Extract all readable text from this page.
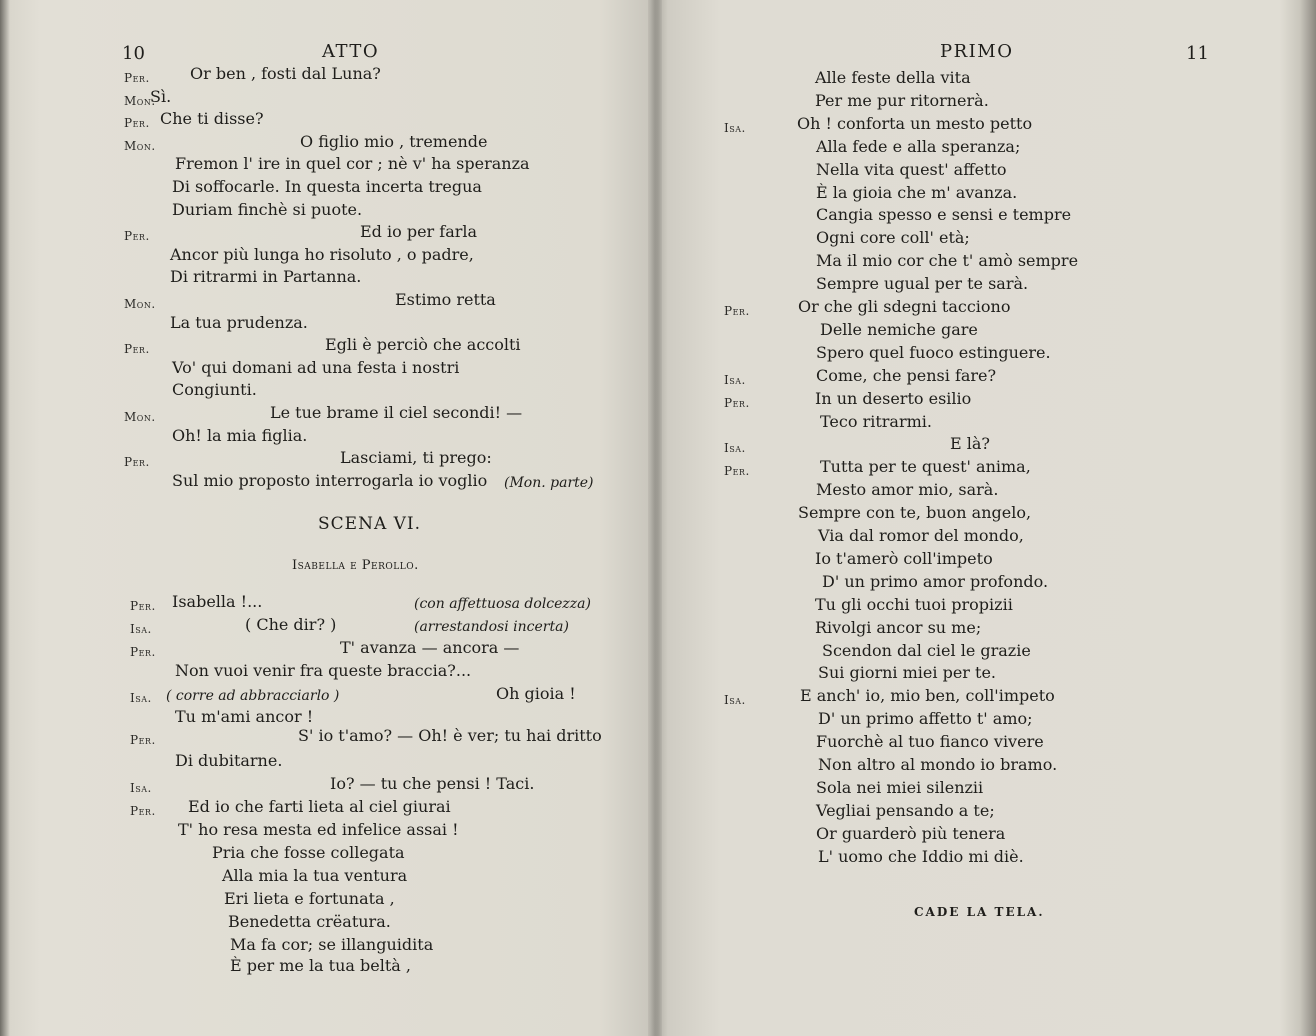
10	ATTO
Per.	Or ben , fosti dal Luna?
Mon.
Sì.
Per. Che ti disse?
Mon.	O figlio mio , tremende
Fremon l' ire in quel cor ; nè v' ha speranza
Di soffocarle. In questa incerta tregua
Duriam finchè si puote.
Per.	Ed io per farla
Ancor più lunga ho risoluto , o padre,
Di ritrarmi in Partanna.
Mon.	Estimo retta
La tua prudenza.
Per.	Egli è perciò che accolti
Vo' qui domani ad una festa i nostri
Congiunti.
Mon.	Le tue brame il ciel secondi! —
Oh! la mia figlia.
Per.	Lasciami, ti prego:
Sul mio proposto interrogarla io voglio (Mon. parte)
SCENA VI.
Isabella e Perollo.
Per. Isabella !...	(con affettuosa dolcezza)
Isa.	( Che dir? )	(arrestandosi incerta)
Per.	T' avanza — ancora —
Non vuoi venir fra queste braccia?...
Isa. ( corre ad abbracciarlo )	Oh gioia !
Tu m'ami ancor !
Per.	S' io t'amo? — Oh! è ver; tu hai dritto
Di dubitarne.
Isa.	Io? — tu che pensi ! Taci.
Per. Ed io che farti lieta al ciel giurai
T' ho resa mesta ed infelice assai !
Pria che fosse collegata
Alla mia la tua ventura
Eri lieta e fortunata ,
Benedetta crëatura.
Ma fa cor; se illanguidita
È per me la tua beltà ,
PRIMO	11
Alle feste della vita
Per me pur ritornerà.
Isa.	Oh ! conforta un mesto petto
Alla fede e alla speranza;
Nella vita quest' affetto
È la gioia che m' avanza.
Cangia spesso e sensi e tempre
Ogni core coll' età;
Ma il mio cor che t' amò sempre
Sempre ugual per te sarà.
Per.	Or che gli sdegni tacciono
Delle nemiche gare
Spero quel fuoco estinguere.
Isa.	Come, che pensi fare?
Per.	In un deserto esilio
Teco ritrarmi.
Isa.	E là?
Per.	Tutta per te quest' anima,
Mesto amor mio, sarà.
Sempre con te, buon angelo,
Via dal romor del mondo,
Io t'amerò coll'impeto
D' un primo amor profondo.
Tu gli occhi tuoi propizii
Rivolgi ancor su me;
Scendon dal ciel le grazie
Sui giorni miei per te.
Isa.	E anch' io, mio ben, coll'impeto
D' un primo affetto t' amo;
Fuorchè al tuo fianco vivere
Non altro al mondo io bramo.
Sola nei miei silenzii
Vegliai pensando a te;
Or guarderò più tenera
L' uomo che Iddio mi diè.
CADE LA TELA.
